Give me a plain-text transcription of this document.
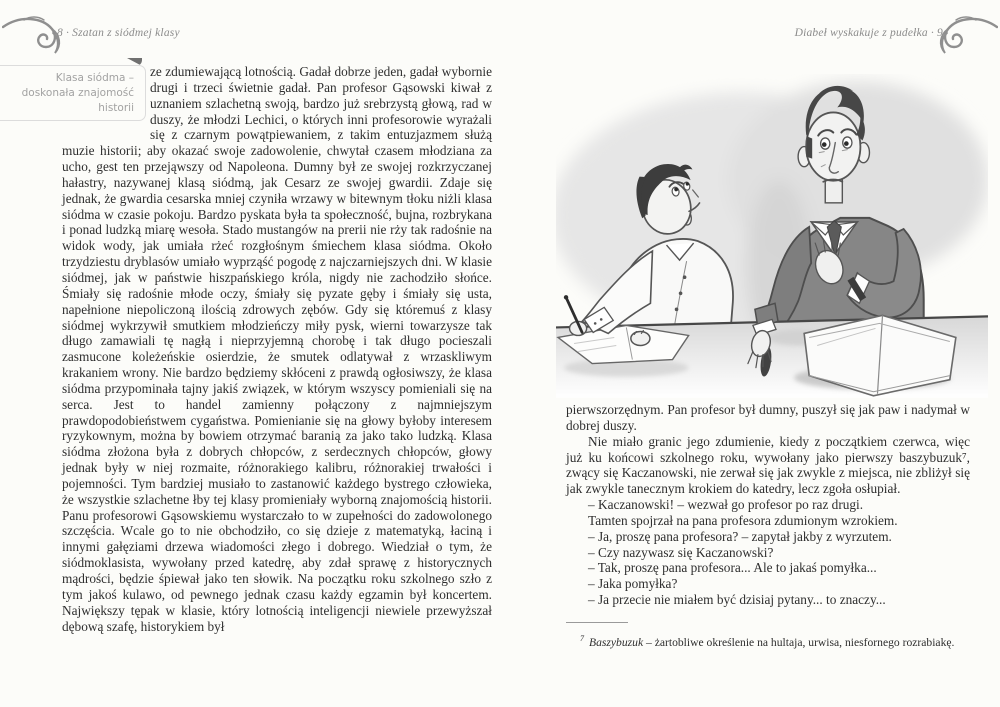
8 · Szatan z siódmej klasy
Klasa siódma –
doskonała znajomość
historii

ze zdumiewającą lotnością. Gadał dobrze jeden, gadał wybornie drugi i trzeci świetnie gadał. Pan profesor Gąsowski kiwał z uznaniem szlachetną swoją, bardzo już srebrzystą głową, rad w duszy, że młodzi Lechici, o których inni profesorowie wyrażali się z czarnym powątpiewaniem, z takim entuzjazmem służą muzie historii; aby okazać swoje zadowolenie, chwytał czasem młodziana za ucho, gest ten przejąwszy od Napoleona. Dumny był ze swojej rozkrzyczanej hałastry, nazywanej klasą siódmą, jak Cesarz ze swojej gwardii. Zdaje się jednak, że gwardia cesarska mniej czyniła wrzawy w bitewnym tłoku niżli klasa siódma w czasie pokoju. Bardzo pyskata była ta społeczność, bujna, rozbrykana i ponad ludzką miarę wesoła. Stado mustangów na prerii nie rży tak radośnie na widok wody, jak umiała rżeć rozgłośnym śmiechem klasa siódma. Około trzydziestu dryblasów umiało wyprząść pogodę z najczarniejszych dni. W klasie siódmej, jak w państwie hiszpańskiego króla, nigdy nie zachodziło słońce. Śmiały się radośnie młode oczy, śmiały się pyzate gęby i śmiały się usta, napełnione niepoliczoną ilością zdrowych zębów. Gdy się któremuś z klasy siódmej wykrzywił smutkiem młodzieńczy miły pysk, wierni towarzysze tak długo zamawiali tę nagłą i nieprzyjemną chorobę i tak długo pocieszali zasmucone koleżeńskie osierdzie, że smutek odlatywał z wrzaskliwym krakaniem wrony. Nie bardzo będziemy skłóceni z prawdą ogłosiwszy, że klasa siódma przypominała tajny jakiś związek, w którym wszyscy pomieniali się na serca. Jest to handel zamienny połączony z najmniejszym prawdopodobieństwem cygaństwa. Pomienianie się na głowy byłoby interesem ryzykownym, można by bowiem otrzymać baranią za jako tako ludzką. Klasa siódma złożona była z dobrych chłopców, z serdecznych chłopców, głowy jednak były w niej rozmaite, różnorakiego kalibru, różnorakiej trwałości i pojemności. Tym bardziej musiało to zastanowić każdego bystrego człowieka, że wszystkie szlachetne łby tej klasy promieniały wyborną znajomością historii. Panu profesorowi Gąsowskiemu wystarczało to w zupełności do zadowolonego szczęścia. Wcale go to nie obchodziło, co się dzieje z matematyką, łaciną i innymi gałęziami drzewa wiadomości złego i dobrego. Wiedział o tym, że siódmoklasista, wywołany przed katedrę, aby zdał sprawę z historycznych mądrości, będzie śpiewał jako ten słowik. Na początku roku szkolnego szło z tym jakoś kulawo, od pewnego jednak czasu każdy egzamin był koncertem. Największy tępak w klasie, który lotnością inteligencji niewiele przewyższał dębową szafę, historykiem był

Diabeł wyskakuje z pudełka · 9

pierwszorzędnym. Pan profesor był dumny, puszył się jak paw i nadymał w dobrej duszy.

Nie miało granic jego zdumienie, kiedy z początkiem czerwca, więc już ku końcowi szkolnego roku, wywołany jako pierwszy baszybuzuk⁷, zwący się Kaczanowski, nie zerwał się jak zwykle z miejsca, nie zbliżył się jak zwykle tanecznym krokiem do katedry, lecz zgoła osłupiał.

– Kaczanowski! – wezwał go profesor po raz drugi.

Tamten spojrzał na pana profesora zdumionym wzrokiem.

– Ja, proszę pana profesora? – zapytał jakby z wyrzutem.

– Czy nazywasz się Kaczanowski?

– Tak, proszę pana profesora... Ale to jakaś pomyłka...

– Jaka pomyłka?

– Ja przecie nie miałem być dzisiaj pytany... to znaczy...

$^7$ Baszybuzuk – żartobliwe określenie na hultaja, urwisa, niesfornego rozrabiakę.
